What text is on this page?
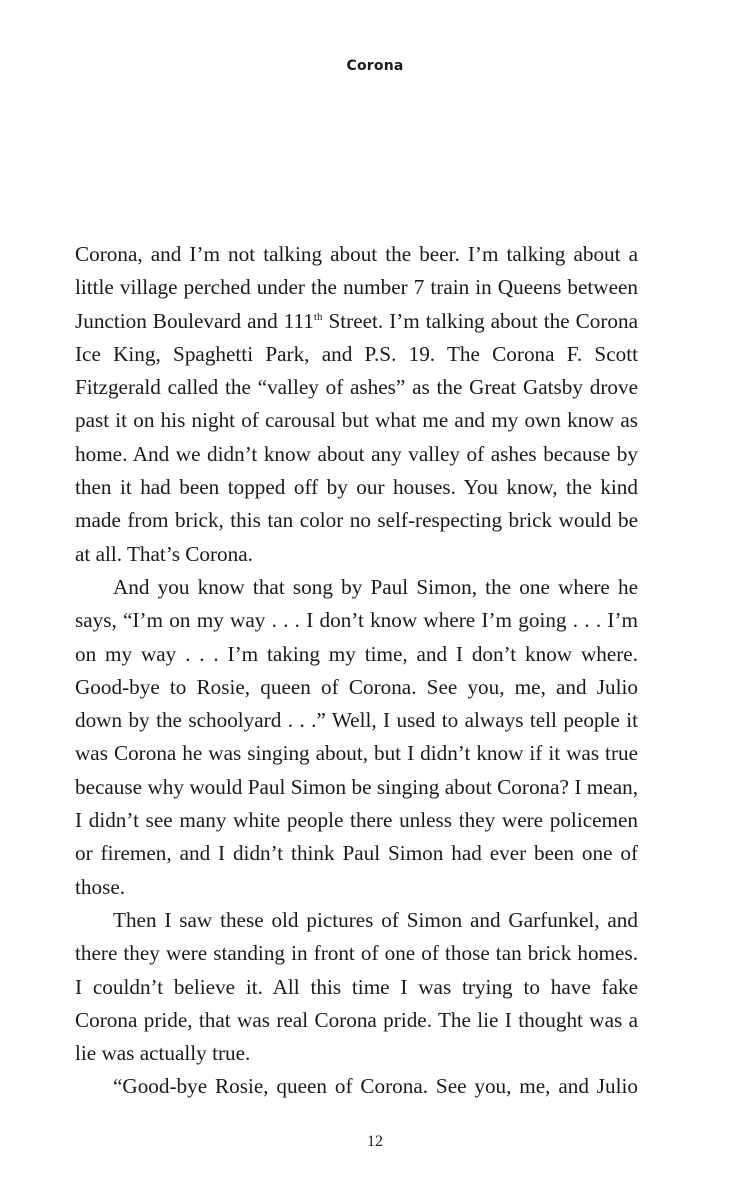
Corona

Corona, and I’m not talking about the beer. I’m talking about a little village perched under the number 7 train in Queens between Junction Boulevard and 111th Street. I’m talking about the Corona Ice King, Spaghetti Park, and P.S. 19. The Corona F. Scott Fitzgerald called the “valley of ashes” as the Great Gatsby drove past it on his night of carousal but what me and my own know as home. And we didn’t know about any valley of ashes because by then it had been topped off by our houses. You know, the kind made from brick, this tan color no self-respecting brick would be at all. That’s Corona.

And you know that song by Paul Simon, the one where he says, “I’m on my way . . . I don’t know where I’m going . . . I’m on my way . . . I’m taking my time, and I don’t know where. Good-bye to Rosie, queen of Corona. See you, me, and Julio down by the schoolyard . . .” Well, I used to always tell people it was Corona he was singing about, but I didn’t know if it was true because why would Paul Simon be singing about Corona? I mean, I didn’t see many white people there unless they were policemen or firemen, and I didn’t think Paul Simon had ever been one of those.

Then I saw these old pictures of Simon and Garfunkel, and there they were standing in front of one of those tan brick homes. I couldn’t believe it. All this time I was trying to have fake Corona pride, that was real Corona pride. The lie I thought was a lie was actually true.

“Good-bye Rosie, queen of Corona. See you, me, and Julio

12
